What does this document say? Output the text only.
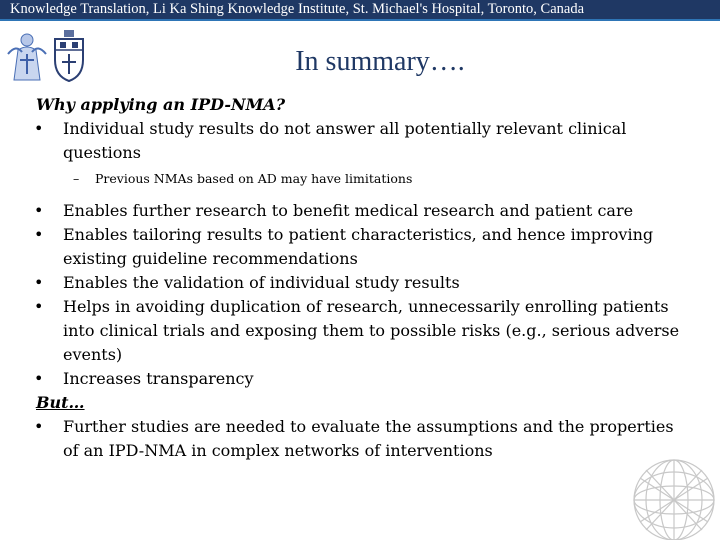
Knowledge Translation, Li Ka Shing Knowledge Institute, St. Michael's Hospital, Toronto, Canada
In summary….
Why applying an IPD-NMA?
• Individual study results do not answer all potentially relevant clinical questions
– Previous NMAs based on AD may have limitations
• Enables further research to benefit medical research and patient care
• Enables tailoring results to patient characteristics, and hence improving existing guideline recommendations
• Enables the validation of individual study results
• Helps in avoiding duplication of research, unnecessarily enrolling patients into clinical trials and exposing them to possible risks (e.g., serious adverse events)
• Increases transparency
But…
• Further studies are needed to evaluate the assumptions and the properties of an IPD-NMA in complex networks of interventions
